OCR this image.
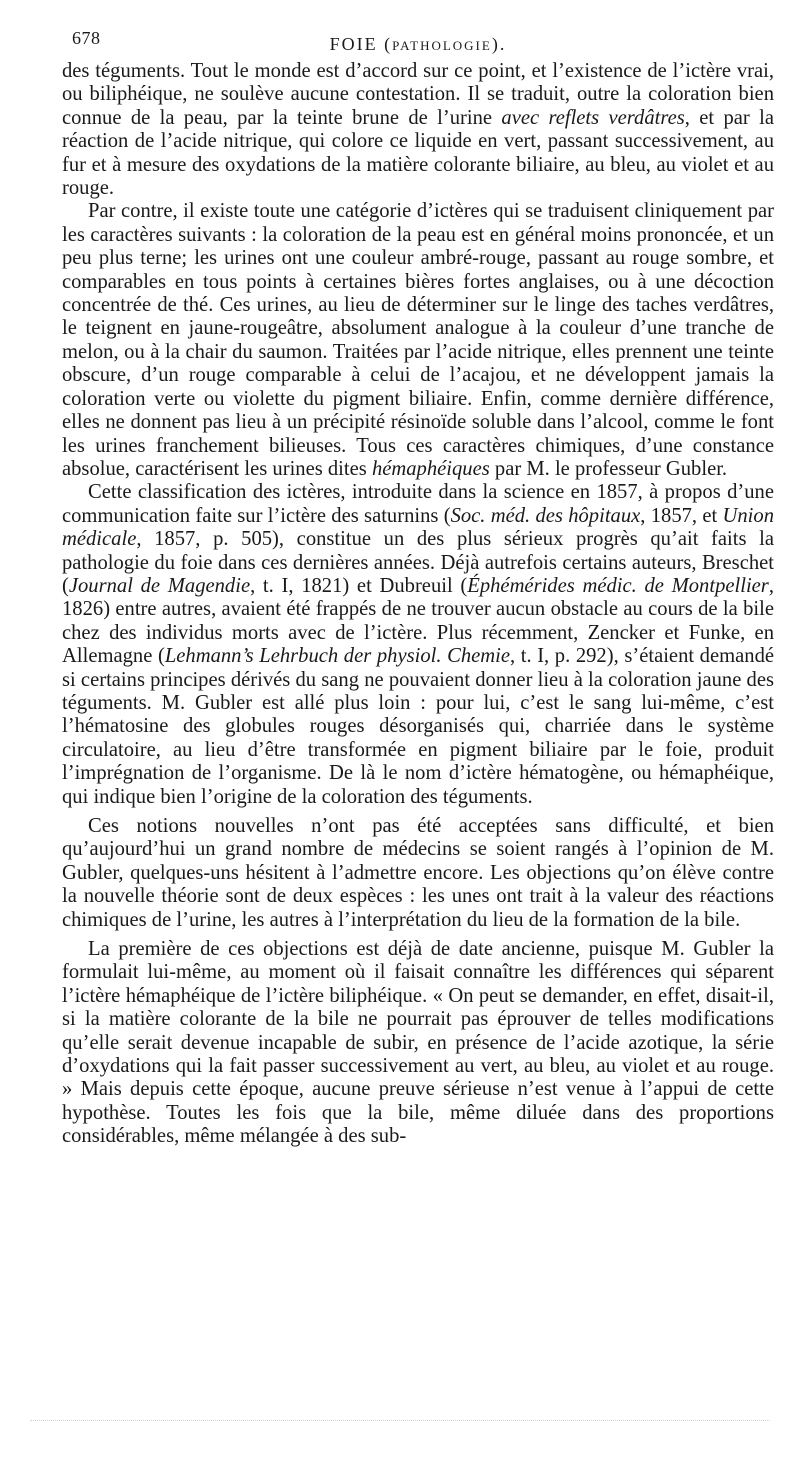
678	FOIE (PATHOLOGIE).

des téguments. Tout le monde est d’accord sur ce point, et l’existence de l’ictère vrai, ou biliphéique, ne soulève aucune contestation. Il se traduit, outre la coloration bien connue de la peau, par la teinte brune de l’urine avec reflets verdâtres, et par la réaction de l’acide nitrique, qui colore ce liquide en vert, passant successivement, au fur et à mesure des oxydations de la matière colorante biliaire, au bleu, au violet et au rouge.

Par contre, il existe toute une catégorie d’ictères qui se traduisent cliniquement par les caractères suivants : la coloration de la peau est en général moins prononcée, et un peu plus terne; les urines ont une couleur ambré-rouge, passant au rouge sombre, et comparables en tous points à certaines bières fortes anglaises, ou à une décoction concentrée de thé. Ces urines, au lieu de déterminer sur le linge des taches verdâtres, le teignent en jaune-rougeâtre, absolument analogue à la couleur d’une tranche de melon, ou à la chair du saumon. Traitées par l’acide nitrique, elles prennent une teinte obscure, d’un rouge comparable à celui de l’acajou, et ne développent jamais la coloration verte ou violette du pigment biliaire. Enfin, comme dernière différence, elles ne donnent pas lieu à un précipité résinoïde soluble dans l’alcool, comme le font les urines franchement bilieuses. Tous ces caractères chimiques, d’une constance absolue, caractérisent les urines dites hémaphéiques par M. le professeur Gubler.

Cette classification des ictères, introduite dans la science en 1857, à propos d’une communication faite sur l’ictère des saturnins (Soc. méd. des hôpitaux, 1857, et Union médicale, 1857, p. 505), constitue un des plus sérieux progrès qu’ait faits la pathologie du foie dans ces dernières années. Déjà autrefois certains auteurs, Breschet (Journal de Magendie, t. I, 1821) et Dubreuil (Éphémérides médic. de Montpellier, 1826) entre autres, avaient été frappés de ne trouver aucun obstacle au cours de la bile chez des individus morts avec de l’ictère. Plus récemment, Zencker et Funke, en Allemagne (Lehmann’s Lehrbuch der physiol. Chemie, t. I, p. 292), s’étaient demandé si certains principes dérivés du sang ne pouvaient donner lieu à la coloration jaune des téguments. M. Gubler est allé plus loin : pour lui, c’est le sang lui-même, c’est l’hématosine des globules rouges désorganisés qui, charriée dans le système circulatoire, au lieu d’être transformée en pigment biliaire par le foie, produit l’imprégnation de l’organisme. De là le nom d’ictère hématogène, ou hémaphéique, qui indique bien l’origine de la coloration des téguments.

Ces notions nouvelles n’ont pas été acceptées sans difficulté, et bien qu’aujourd’hui un grand nombre de médecins se soient rangés à l’opinion de M. Gubler, quelques-uns hésitent à l’admettre encore. Les objections qu’on élève contre la nouvelle théorie sont de deux espèces : les unes ont trait à la valeur des réactions chimiques de l’urine, les autres à l’interprétation du lieu de la formation de la bile.

La première de ces objections est déjà de date ancienne, puisque M. Gubler la formulait lui-même, au moment où il faisait connaître les différences qui séparent l’ictère hémaphéique de l’ictère biliphéique. « On peut se demander, en effet, disait-il, si la matière colorante de la bile ne pourrait pas éprouver de telles modifications qu’elle serait devenue incapable de subir, en présence de l’acide azotique, la série d’oxydations qui la fait passer successivement au vert, au bleu, au violet et au rouge. » Mais depuis cette époque, aucune preuve sérieuse n’est venue à l’appui de cette hypothèse. Toutes les fois que la bile, même diluée dans des proportions considérables, même mélangée à des sub-
